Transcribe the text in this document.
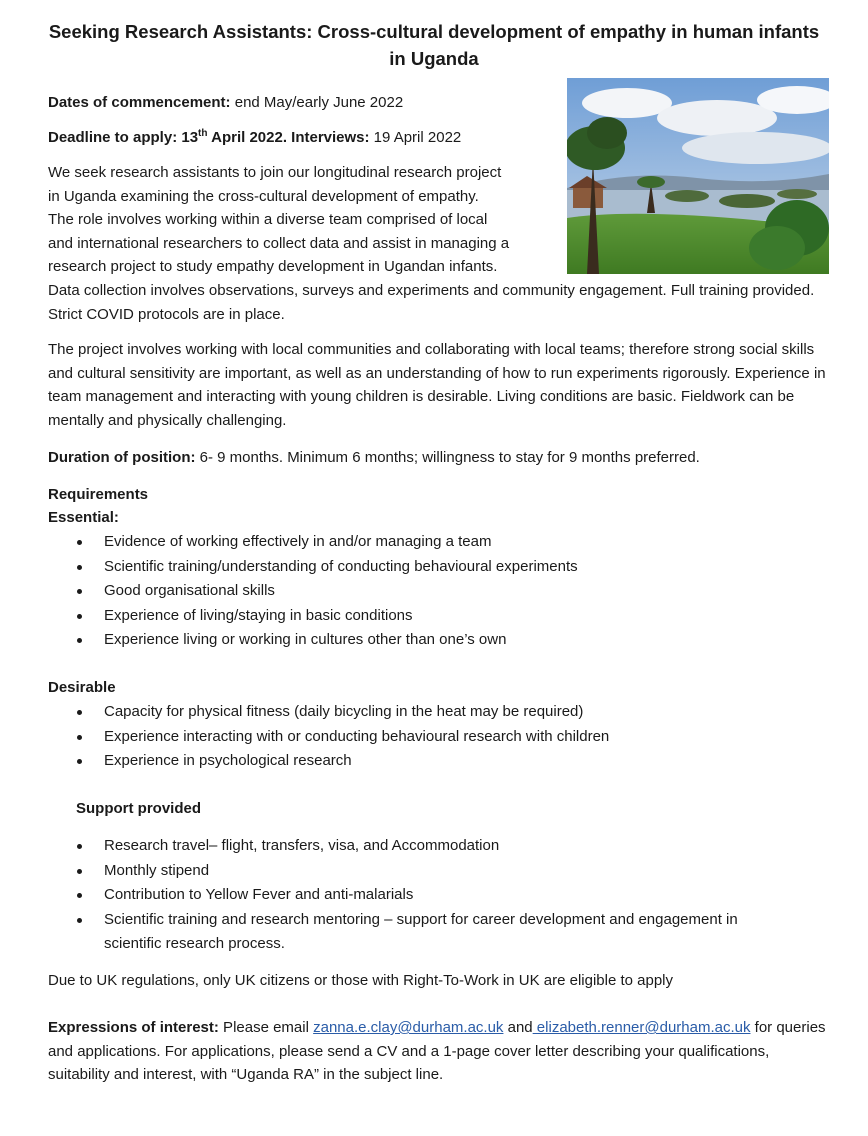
Seeking Research Assistants: Cross-cultural development of empathy in human infants in Uganda

Dates of commencement: end May/early June 2022

Deadline to apply: 13th April 2022. Interviews: 19 April 2022

We seek research assistants to join our longitudinal research project
in Uganda examining the cross-cultural development of empathy.
The role involves working within a diverse team comprised of local
and international researchers to collect data and assist in managing a
research project to study empathy development in Ugandan infants.

Data collection involves observations, surveys and experiments and community engagement. Full training provided. Strict COVID protocols are in place.

The project involves working with local communities and collaborating with local teams; therefore strong social skills and cultural sensitivity are important, as well as an understanding of how to run experiments rigorously. Experience in team management and interacting with young children is desirable. Living conditions are basic. Fieldwork can be mentally and physically challenging.

Duration of position: 6- 9 months. Minimum 6 months; willingness to stay for 9 months preferred.

Requirements

Essential:

Evidence of working effectively in and/or managing a team
Scientific training/understanding of conducting behavioural experiments
Good organisational skills
Experience of living/staying in basic conditions
Experience living or working in cultures other than one’s own

Desirable

Capacity for physical fitness (daily bicycling in the heat may be required)
Experience interacting with or conducting behavioural research with children
Experience in psychological research

Support provided

Research travel– flight, transfers, visa, and Accommodation
Monthly stipend
Contribution to Yellow Fever and anti-malarials
Scientific training and research mentoring – support for career development and engagement in scientific research process.

Due to UK regulations, only UK citizens or those with Right-To-Work in UK are eligible to apply

Expressions of interest: Please email zanna.e.clay@durham.ac.uk and elizabeth.renner@durham.ac.uk for queries and applications. For applications, please send a CV and a 1-page cover letter describing your qualifications, suitability and interest, with “Uganda RA” in the subject line.
